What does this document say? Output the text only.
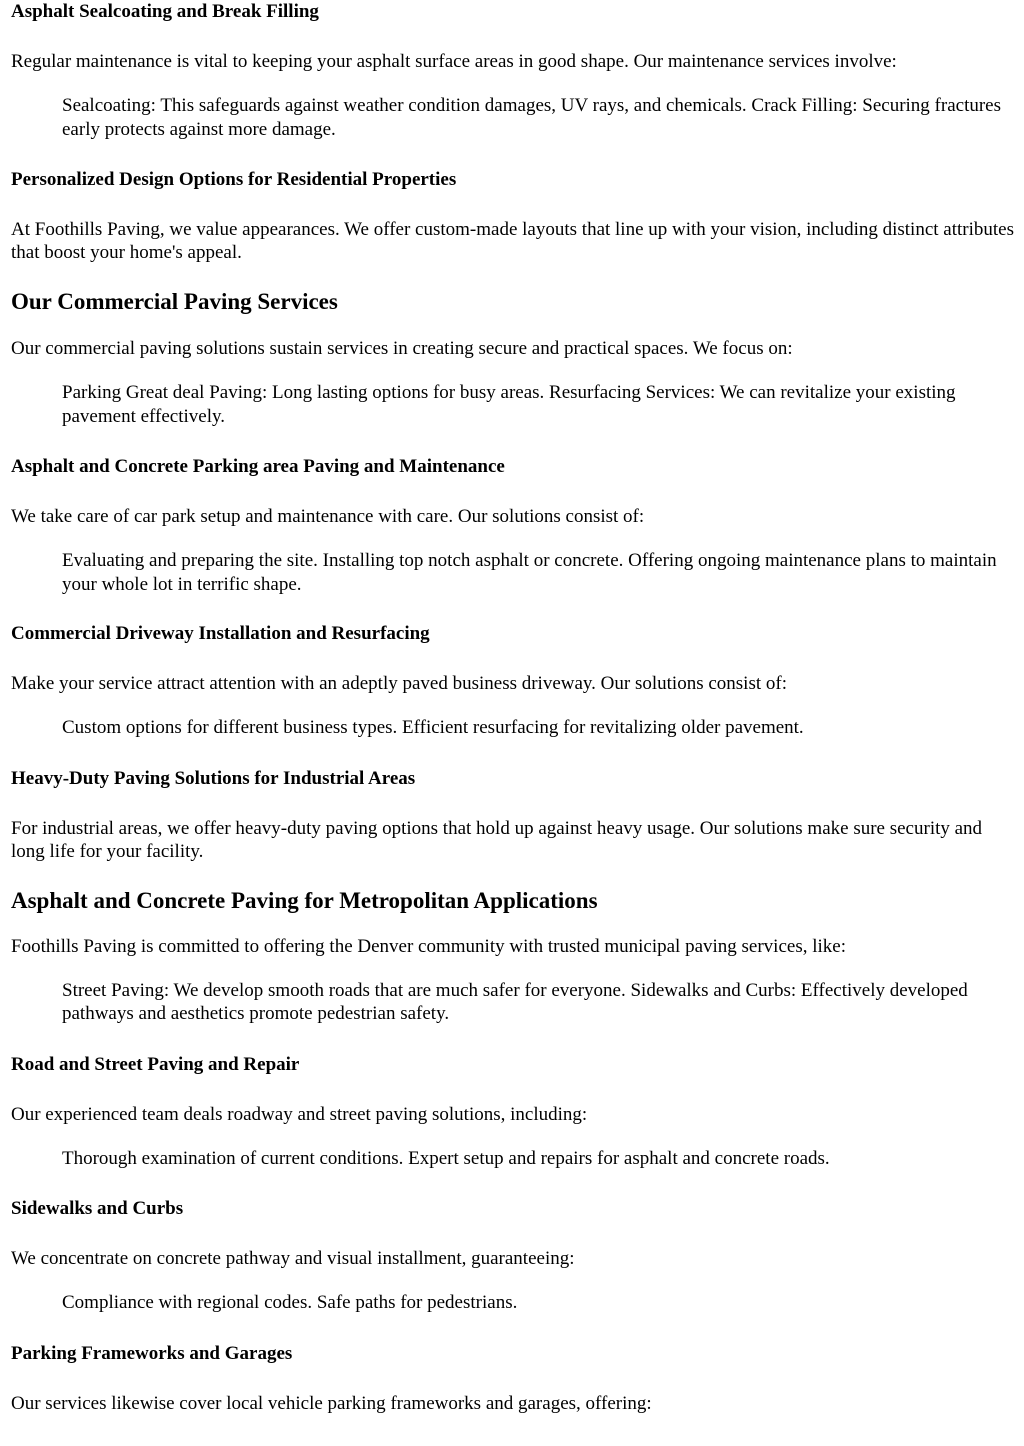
Asphalt Sealcoating and Break Filling

Regular maintenance is vital to keeping your asphalt surface areas in good shape. Our maintenance services involve:

Sealcoating: This safeguards against weather condition damages, UV rays, and chemicals. Crack Filling: Securing fractures early protects against more damage.
Personalized Design Options for Residential Properties

At Foothills Paving, we value appearances. We offer custom-made layouts that line up with your vision, including distinct attributes that boost your home's appeal.

Our Commercial Paving Services

Our commercial paving solutions sustain services in creating secure and practical spaces. We focus on:

Parking Great deal Paving: Long lasting options for busy areas. Resurfacing Services: We can revitalize your existing pavement effectively.
Asphalt and Concrete Parking area Paving and Maintenance

We take care of car park setup and maintenance with care. Our solutions consist of:

Evaluating and preparing the site. Installing top notch asphalt or concrete. Offering ongoing maintenance plans to maintain your whole lot in terrific shape.
Commercial Driveway Installation and Resurfacing

Make your service attract attention with an adeptly paved business driveway. Our solutions consist of:

Custom options for different business types. Efficient resurfacing for revitalizing older pavement.
Heavy-Duty Paving Solutions for Industrial Areas

For industrial areas, we offer heavy-duty paving options that hold up against heavy usage. Our solutions make sure security and long life for your facility.

Asphalt and Concrete Paving for Metropolitan Applications

Foothills Paving is committed to offering the Denver community with trusted municipal paving services, like:

Street Paving: We develop smooth roads that are much safer for everyone. Sidewalks and Curbs: Effectively developed pathways and aesthetics promote pedestrian safety.
Road and Street Paving and Repair

Our experienced team deals roadway and street paving solutions, including:

Thorough examination of current conditions. Expert setup and repairs for asphalt and concrete roads.
Sidewalks and Curbs

We concentrate on concrete pathway and visual installment, guaranteeing:

Compliance with regional codes. Safe paths for pedestrians.
Parking Frameworks and Garages

Our services likewise cover local vehicle parking frameworks and garages, offering:
